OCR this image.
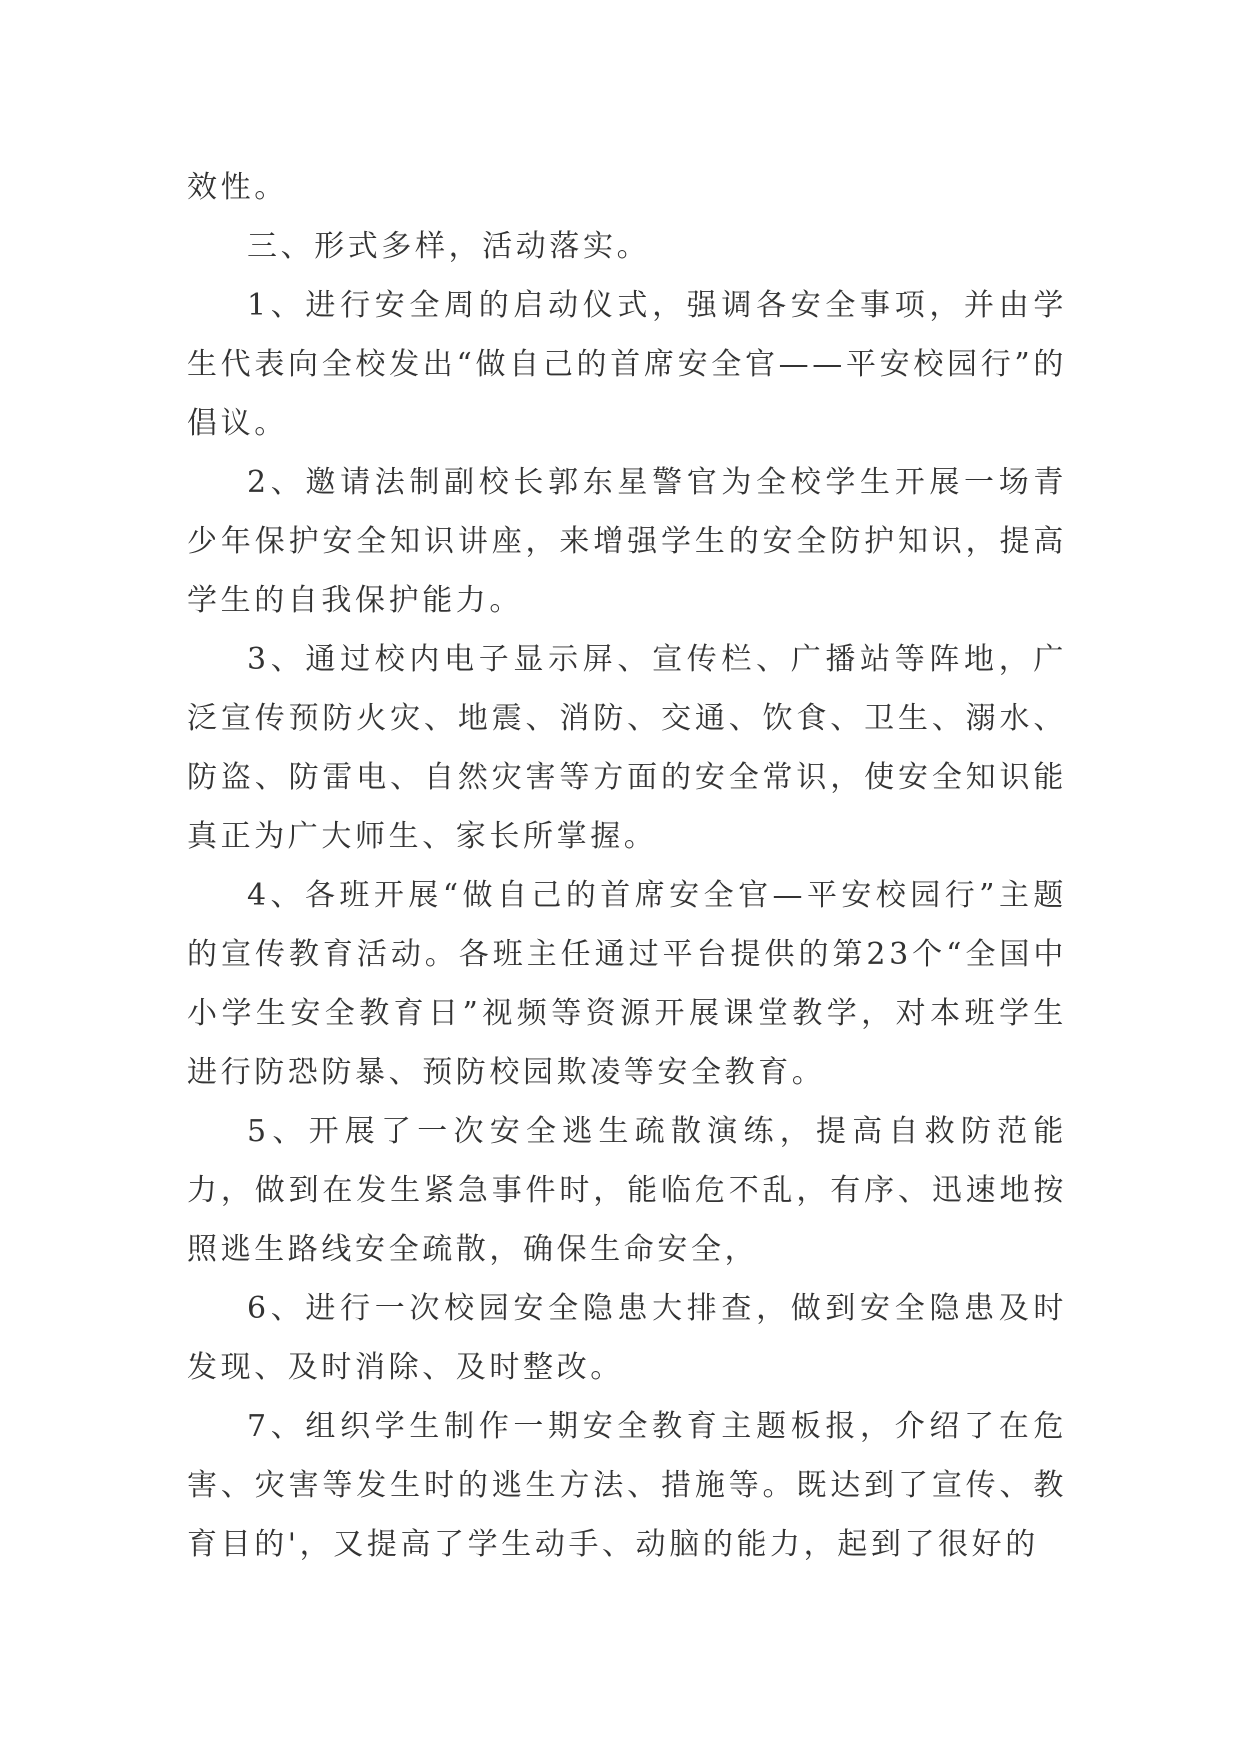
效性。

三、形式多样，活动落实。

1、进行安全周的启动仪式，强调各安全事项，并由学生代表向全校发出“做自己的首席安全官——平安校园行”的倡议。

2、邀请法制副校长郭东星警官为全校学生开展一场青少年保护安全知识讲座，来增强学生的安全防护知识，提高学生的自我保护能力。

3、通过校内电子显示屏、宣传栏、广播站等阵地，广泛宣传预防火灾、地震、消防、交通、饮食、卫生、溺水、防盗、防雷电、自然灾害等方面的安全常识，使安全知识能真正为广大师生、家长所掌握。

4、各班开展“做自己的首席安全官—平安校园行”主题的宣传教育活动。各班主任通过平台提供的第23个“全国中小学生安全教育日”视频等资源开展课堂教学，对本班学生进行防恐防暴、预防校园欺凌等安全教育。

5、开展了一次安全逃生疏散演练，提高自救防范能力，做到在发生紧急事件时，能临危不乱，有序、迅速地按照逃生路线安全疏散，确保生命安全，

6、进行一次校园安全隐患大排查，做到安全隐患及时发现、及时消除、及时整改。

7、组织学生制作一期安全教育主题板报，介绍了在危害、灾害等发生时的逃生方法、措施等。既达到了宣传、教育目的'，又提高了学生动手、动脑的能力，起到了很好的
